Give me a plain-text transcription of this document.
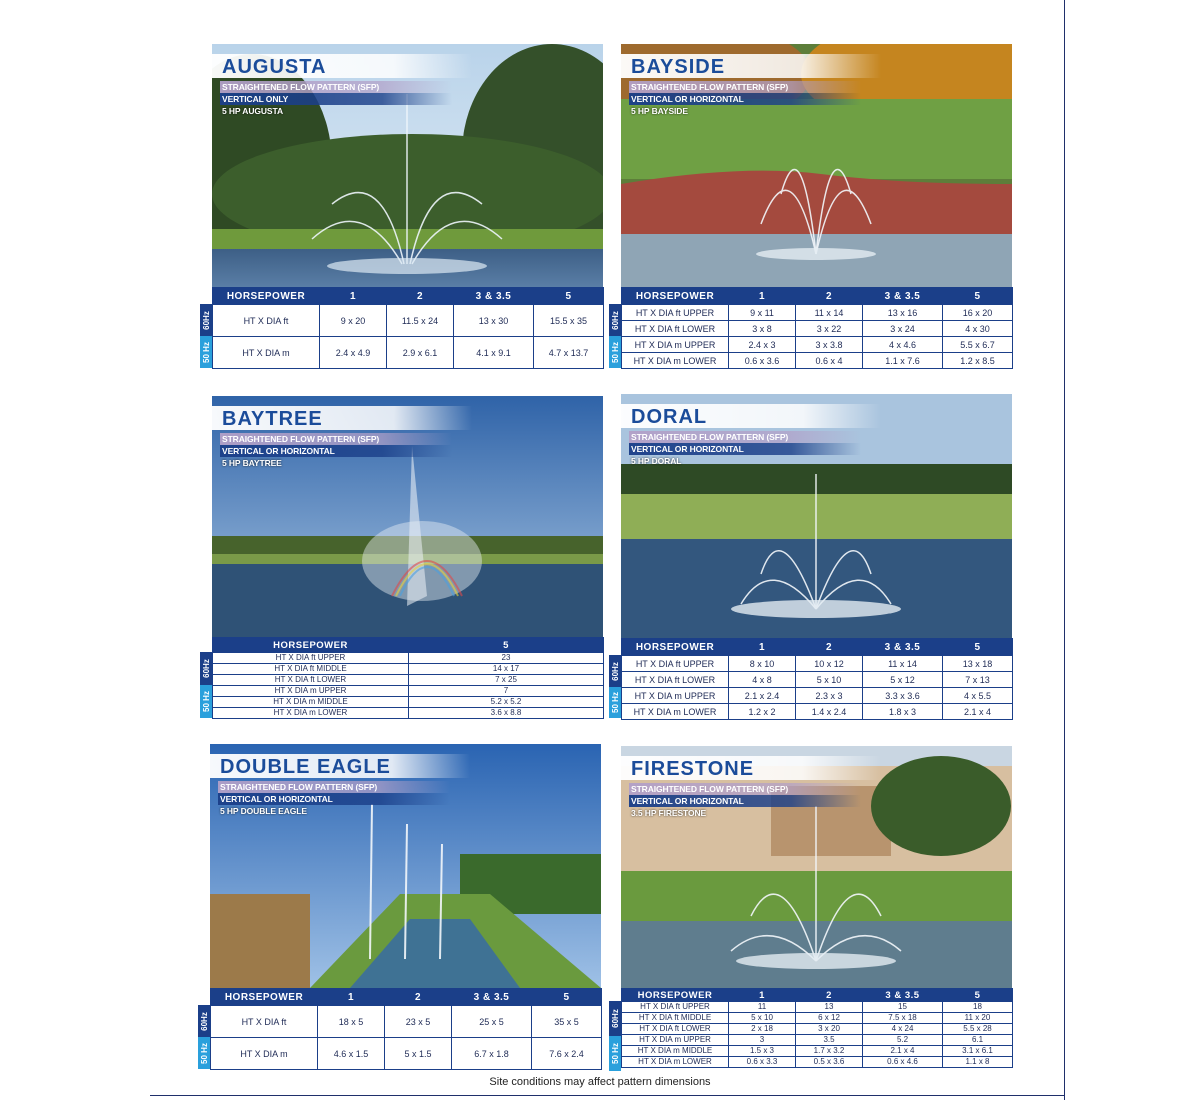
AUGUSTA
STRAIGHTENED FLOW PATTERN (SFP)
VERTICAL ONLY
5 HP AUGUSTA
60Hz
50 Hz
HORSEPOWER	1	2	3 & 3.5	5
HT X DIA ft	9 x 20	11.5 x 24	13 x 30	15.5 x 35
HT X DIA m	2.4 x 4.9	2.9 x 6.1	4.1 x 9.1	4.7 x 13.7
BAYSIDE
STRAIGHTENED FLOW PATTERN (SFP)
VERTICAL OR HORIZONTAL
5 HP BAYSIDE
60Hz
50 Hz
HORSEPOWER	1	2	3 & 3.5	5
HT X DIA ft UPPER	9 x 11	11 x 14	13 x 16	16 x 20
HT X DIA ft LOWER	3 x 8	3 x 22	3 x 24	4 x 30
HT X DIA m UPPER	2.4 x 3	3 x 3.8	4 x 4.6	5.5 x 6.7
HT X DIA m LOWER	0.6 x 3.6	0.6 x 4	1.1 x 7.6	1.2 x 8.5
BAYTREE
STRAIGHTENED FLOW PATTERN (SFP)
VERTICAL OR HORIZONTAL
5 HP BAYTREE
60Hz
50 Hz
HORSEPOWER	5
HT X DIA ft UPPER	23
HT X DIA ft MIDDLE	14 x 17
HT X DIA ft LOWER	7 x 25
HT X DIA m UPPER	7
HT X DIA m MIDDLE	5.2 x 5.2
HT X DIA m LOWER	3.6 x 8.8
DORAL
STRAIGHTENED FLOW PATTERN (SFP)
VERTICAL OR HORIZONTAL
5 HP DORAL
60Hz
50 Hz
HORSEPOWER	1	2	3 & 3.5	5
HT X DIA ft UPPER	8 x 10	10 x 12	11 x 14	13 x 18
HT X DIA ft LOWER	4 x 8	5 x 10	5 x 12	7 x 13
HT X DIA m UPPER	2.1 x 2.4	2.3 x 3	3.3 x 3.6	4 x 5.5
HT X DIA m LOWER	1.2 x 2	1.4 x 2.4	1.8 x 3	2.1 x 4
DOUBLE EAGLE
STRAIGHTENED FLOW PATTERN (SFP)
VERTICAL OR HORIZONTAL
5 HP DOUBLE EAGLE
60Hz
50 Hz
HORSEPOWER	1	2	3 & 3.5	5
HT X DIA ft	18 x 5	23 x 5	25 x 5	35 x 5
HT X DIA m	4.6 x 1.5	5 x 1.5	6.7 x 1.8	7.6 x 2.4
FIRESTONE
STRAIGHTENED FLOW PATTERN (SFP)
VERTICAL OR HORIZONTAL
3.5 HP FIRESTONE
60Hz
50 Hz
HORSEPOWER	1	2	3 & 3.5	5
HT X DIA ft UPPER	11	13	15	18
HT X DIA ft MIDDLE	5 x 10	6 x 12	7.5 x 18	11 x 20
HT X DIA ft LOWER	2 x 18	3 x 20	4 x 24	5.5 x 28
HT X DIA m UPPER	3	3.5	5.2	6.1
HT X DIA m MIDDLE	1.5 x 3	1.7 x 3.2	2.1 x 4	3.1 x 6.1
HT X DIA m LOWER	0.6 x 3.3	0.5 x 3.6	0.6 x 4.6	1.1 x 8
Site conditions may affect pattern dimensions
